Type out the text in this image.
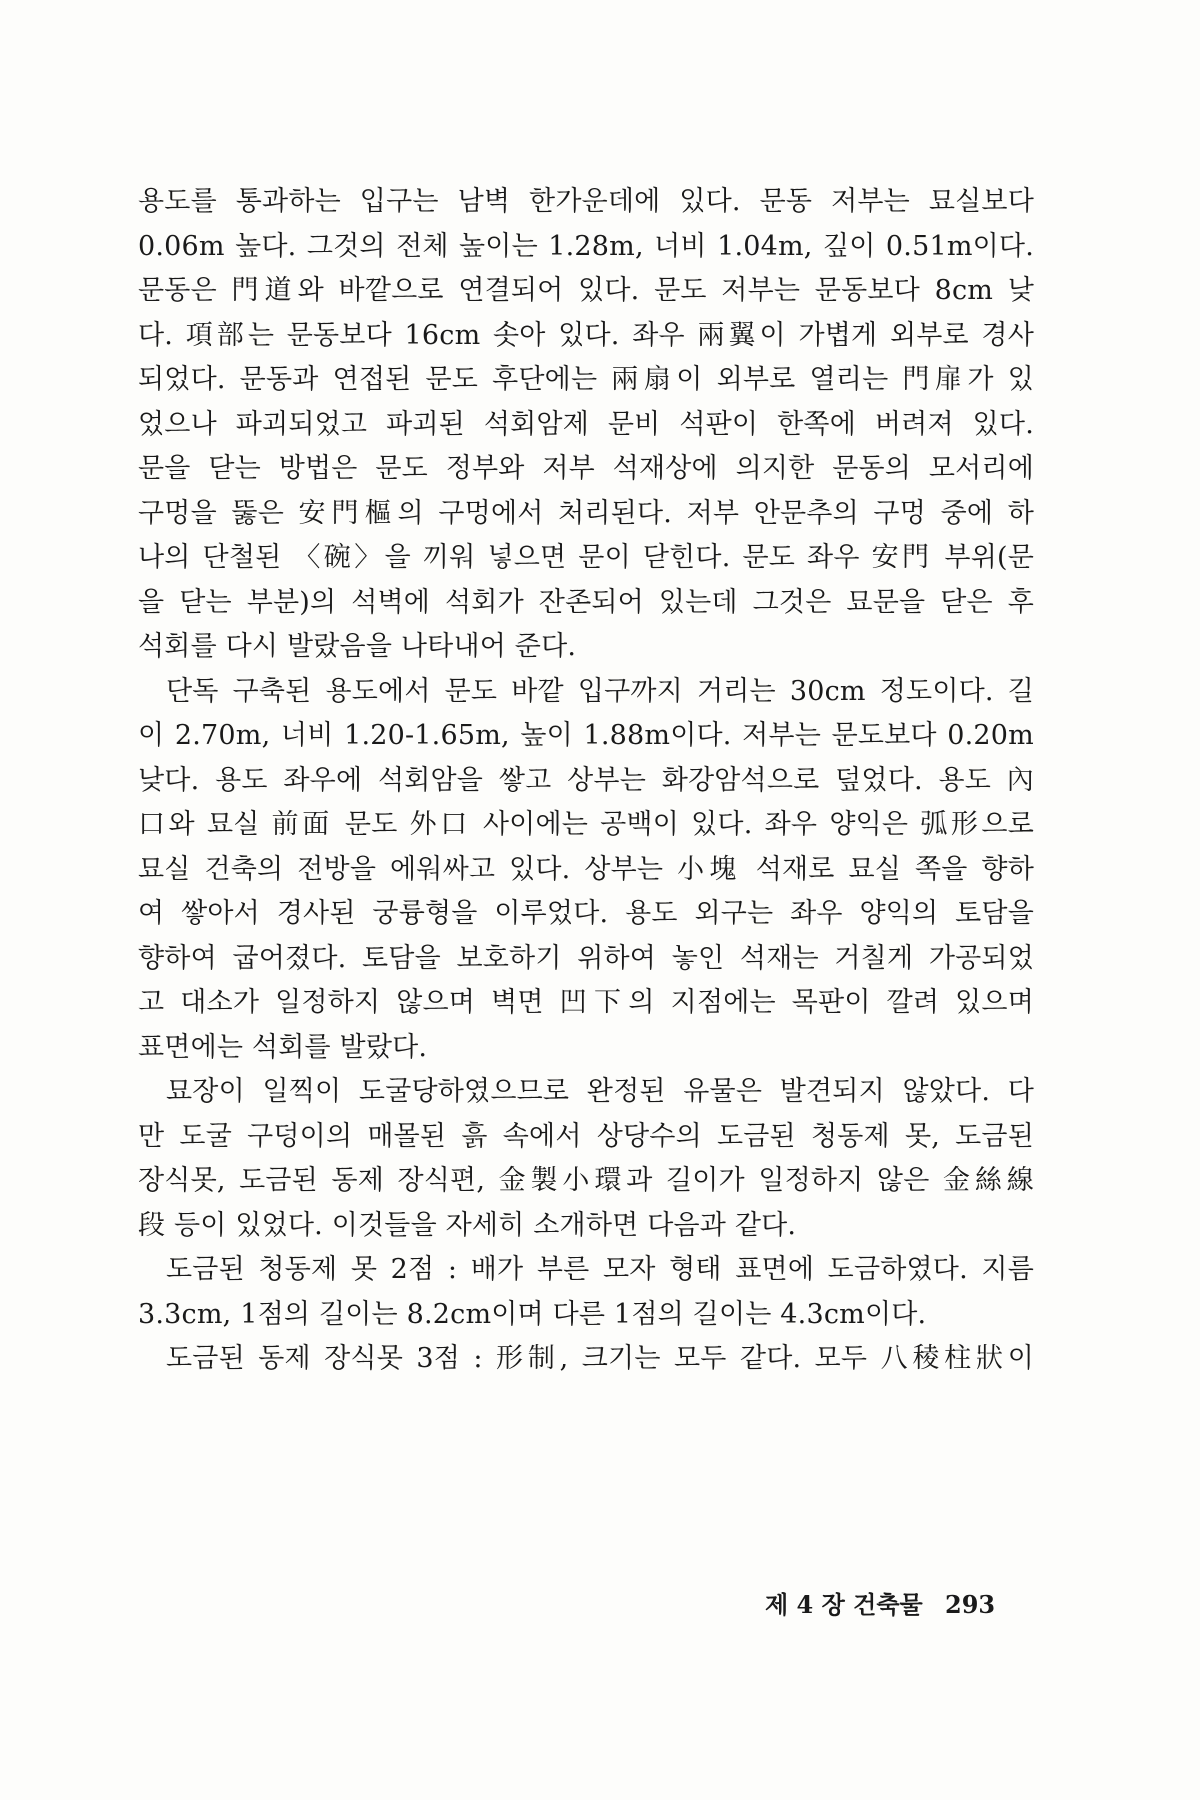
용도를 통과하는 입구는 남벽 한가운데에 있다. 문동 저부는 묘실보다
0.06m 높다. 그것의 전체 높이는 1.28m, 너비 1.04m, 깊이 0.51m이다.
문동은 門道와 바깥으로 연결되어 있다. 문도 저부는 문동보다 8cm 낮
다. 項部는 문동보다 16cm 솟아 있다. 좌우 兩翼이 가볍게 외부로 경사
되었다. 문동과 연접된 문도 후단에는 兩扇이 외부로 열리는 門扉가 있
었으나 파괴되었고 파괴된 석회암제 문비 석판이 한쪽에 버려져 있다.
문을 닫는 방법은 문도 정부와 저부 석재상에 의지한 문동의 모서리에
구멍을 뚫은 安門樞의 구멍에서 처리된다. 저부 안문추의 구멍 중에 하
나의 단철된 〈碗〉을 끼워 넣으면 문이 닫힌다. 문도 좌우 安門 부위(문
을 닫는 부분)의 석벽에 석회가 잔존되어 있는데 그것은 묘문을 닫은 후
석회를 다시 발랐음을 나타내어 준다.
단독 구축된 용도에서 문도 바깥 입구까지 거리는 30cm 정도이다. 길
이 2.70m, 너비 1.20-1.65m, 높이 1.88m이다. 저부는 문도보다 0.20m
낮다. 용도 좌우에 석회암을 쌓고 상부는 화강암석으로 덮었다. 용도 內
口와 묘실 前面 문도 外口 사이에는 공백이 있다. 좌우 양익은 弧形으로
묘실 건축의 전방을 에워싸고 있다. 상부는 小塊 석재로 묘실 쪽을 향하
여 쌓아서 경사된 궁륭형을 이루었다. 용도 외구는 좌우 양익의 토담을
향하여 굽어졌다. 토담을 보호하기 위하여 놓인 석재는 거칠게 가공되었
고 대소가 일정하지 않으며 벽면 凹下의 지점에는 목판이 깔려 있으며
표면에는 석회를 발랐다.
묘장이 일찍이 도굴당하였으므로 완정된 유물은 발견되지 않았다. 다
만 도굴 구덩이의 매몰된 흙 속에서 상당수의 도금된 청동제 못, 도금된
장식못, 도금된 동제 장식편, 金製小環과 길이가 일정하지 않은 金絲線
段 등이 있었다. 이것들을 자세히 소개하면 다음과 같다.
도금된 청동제 못 2점 : 배가 부른 모자 형태 표면에 도금하였다. 지름
3.3cm, 1점의 길이는 8.2cm이며 다른 1점의 길이는 4.3cm이다.
도금된 동제 장식못 3점 : 形制, 크기는 모두 같다. 모두 八稜柱狀이
제 4 장 건축물 293
